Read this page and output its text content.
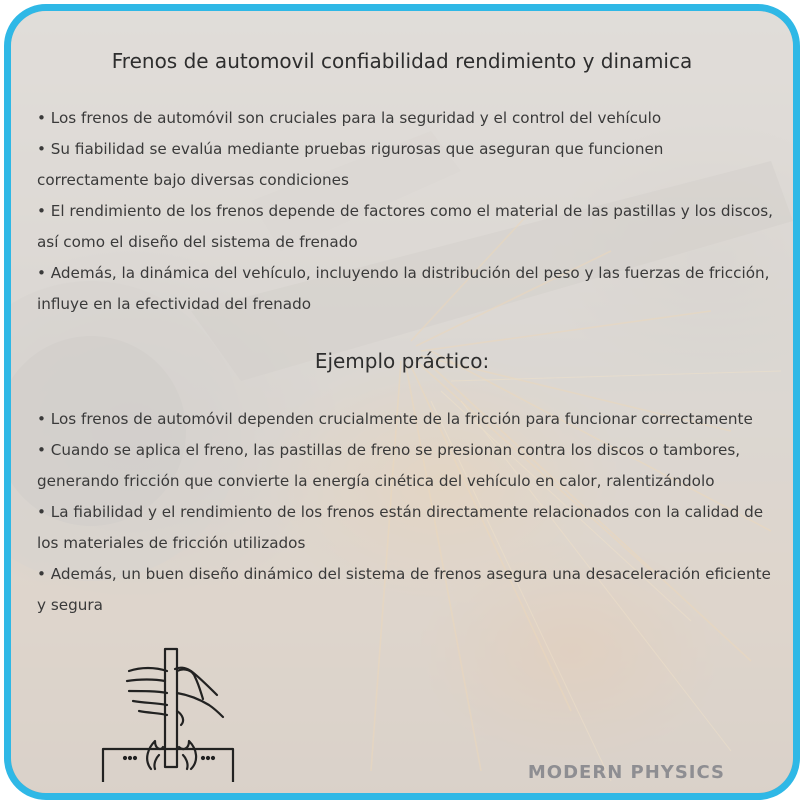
Frenos de automovil confiabilidad rendimiento y dinamica
• Los frenos de automóvil son cruciales para la seguridad y el control del vehículo
• Su fiabilidad se evalúa mediante pruebas rigurosas que aseguran que funcionen correctamente bajo diversas condiciones
• El rendimiento de los frenos depende de factores como el material de las pastillas y los discos, así como el diseño del sistema de frenado
• Además, la dinámica del vehículo, incluyendo la distribución del peso y las fuerzas de fricción, influye en la efectividad del frenado
Ejemplo práctico:
• Los frenos de automóvil dependen crucialmente de la fricción para funcionar correctamente
• Cuando se aplica el freno, las pastillas de freno se presionan contra los discos o tambores, generando fricción que convierte la energía cinética del vehículo en calor, ralentizándolo
• La fiabilidad y el rendimiento de los frenos están directamente relacionados con la calidad de los materiales de fricción utilizados
• Además, un buen diseño dinámico del sistema de frenos asegura una desaceleración eficiente y segura
MODERN PHYSICS
